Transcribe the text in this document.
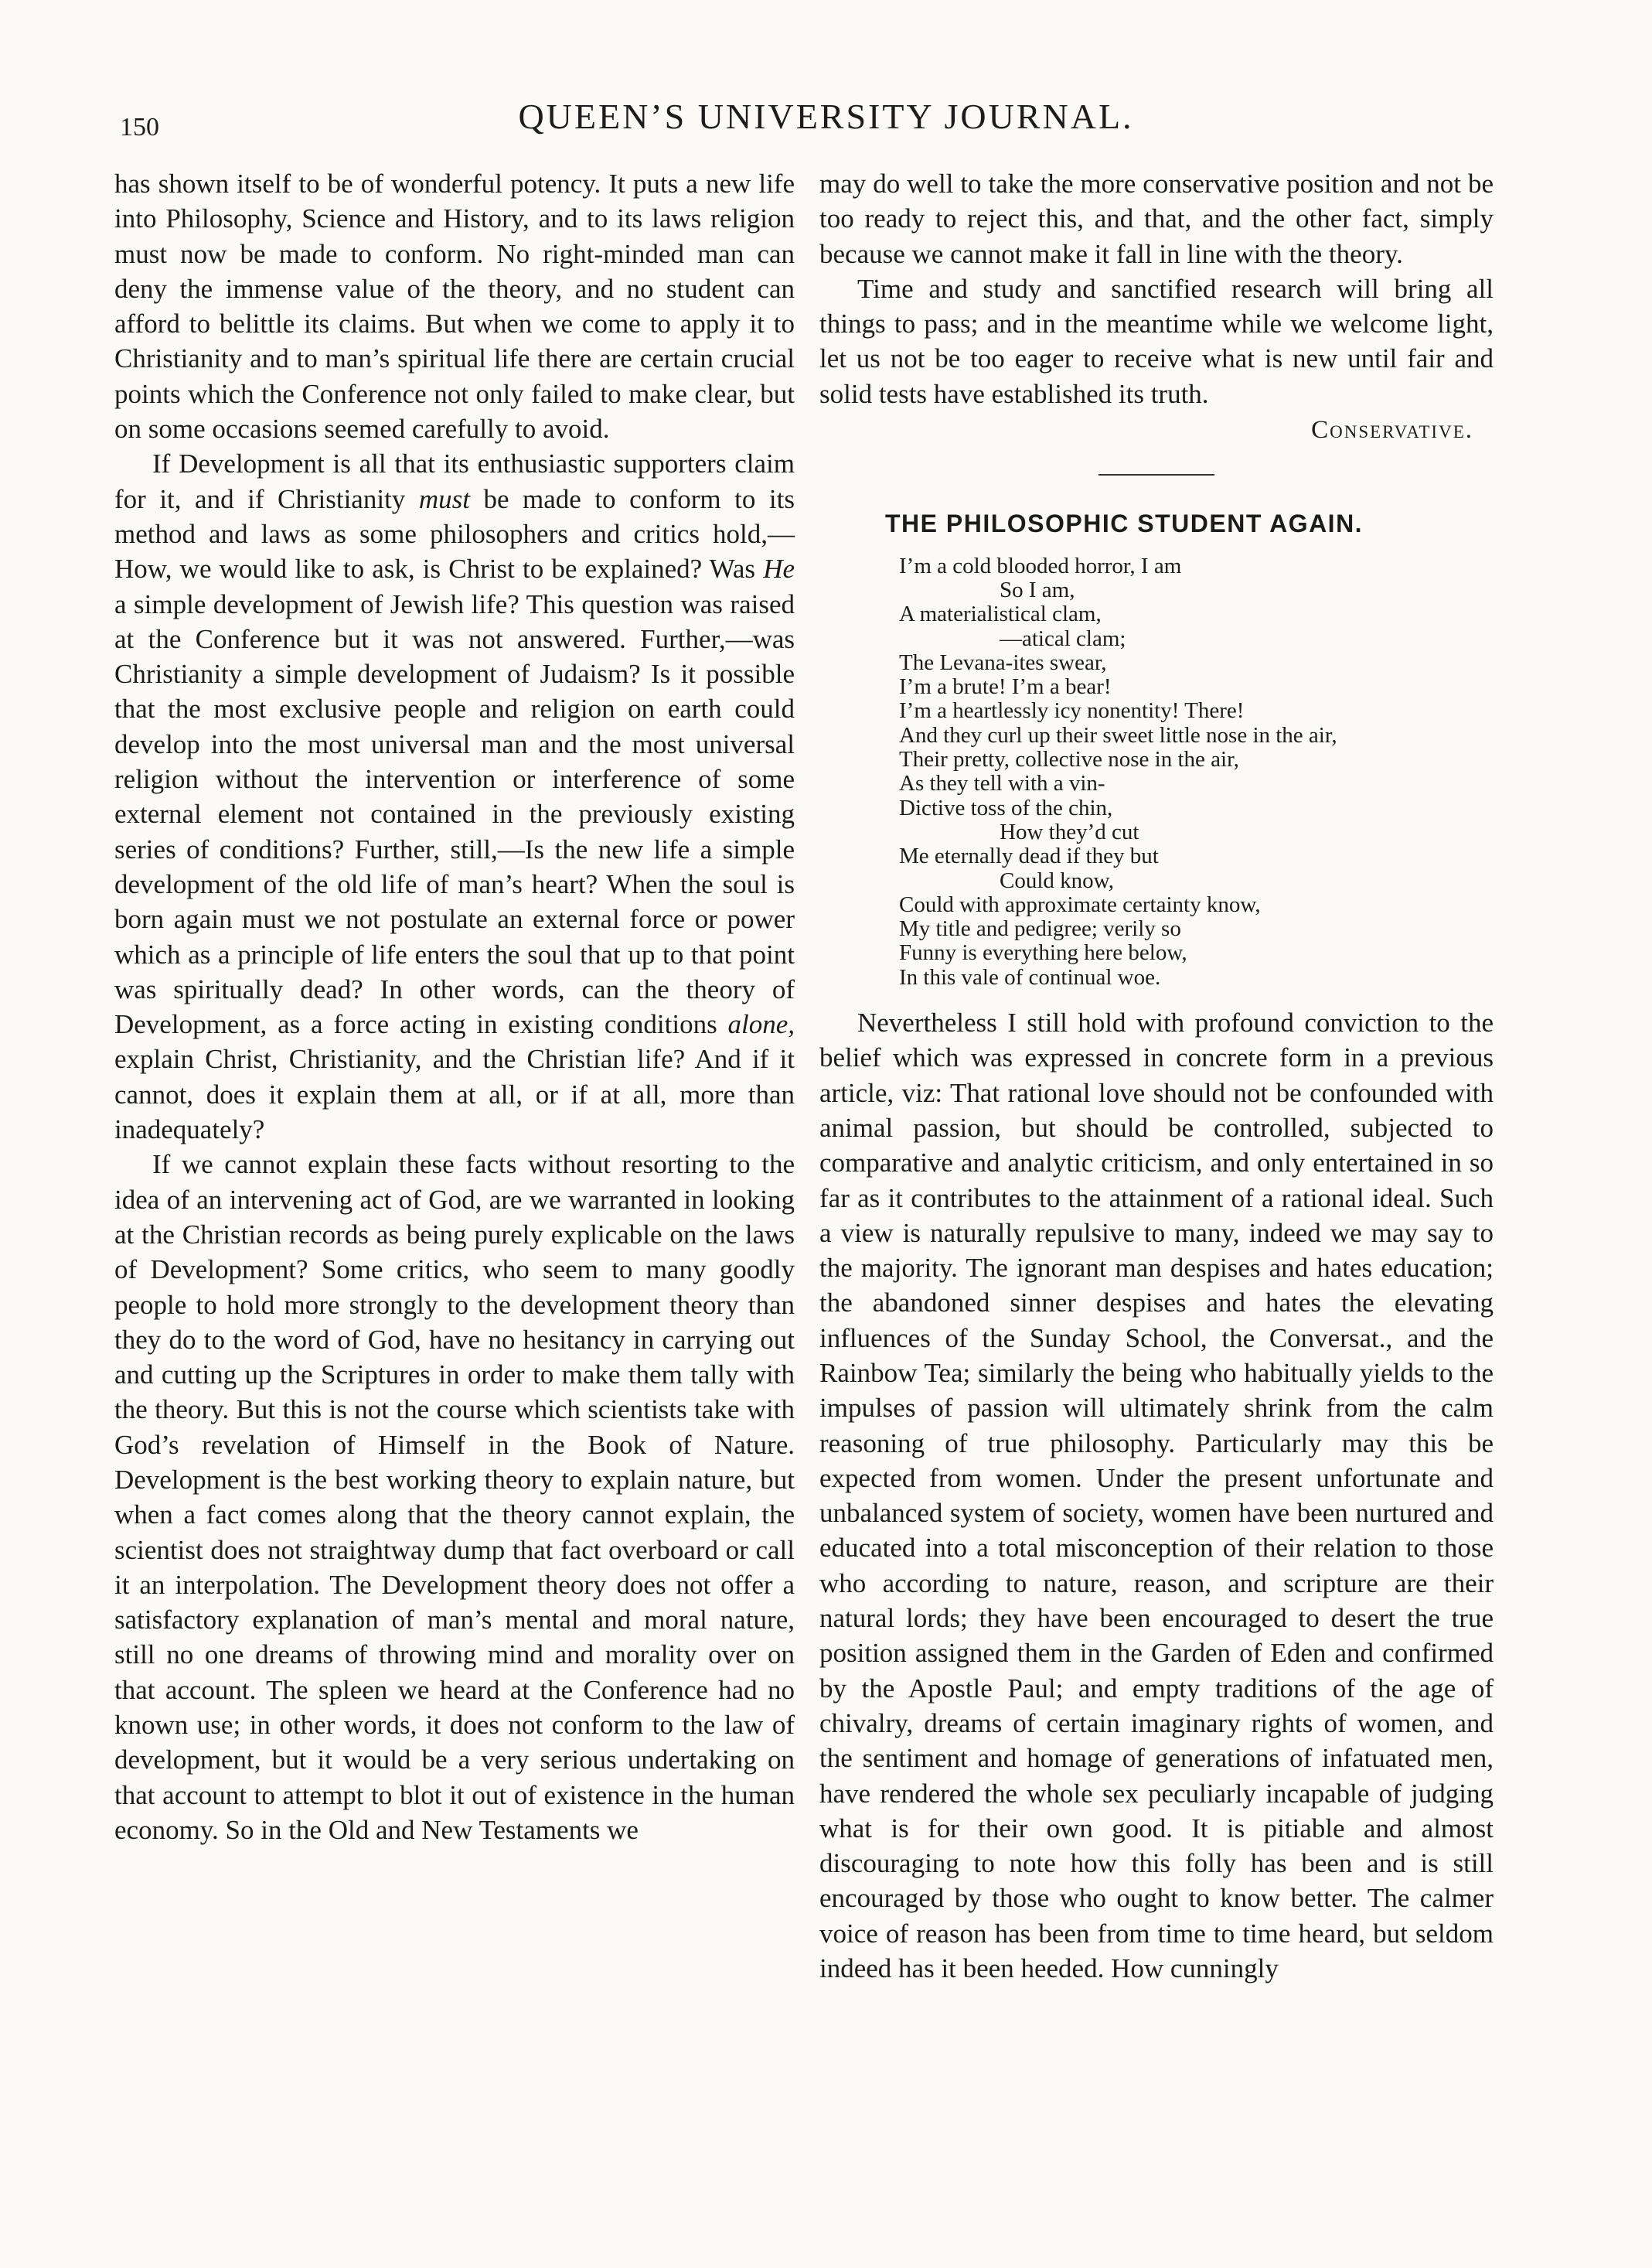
150	QUEEN’S UNIVERSITY JOURNAL.

has shown itself to be of wonderful potency. It puts a new life into Philosophy, Science and History, and to its laws religion must now be made to conform. No right-minded man can deny the immense value of the theory, and no student can afford to belittle its claims. But when we come to apply it to Christianity and to man’s spiritual life there are certain crucial points which the Conference not only failed to make clear, but on some occasions seemed carefully to avoid.

If Development is all that its enthusiastic supporters claim for it, and if Christianity must be made to conform to its method and laws as some philosophers and critics hold,—How, we would like to ask, is Christ to be explained? Was He a simple development of Jewish life? This question was raised at the Conference but it was not answered. Further,—was Christianity a simple development of Judaism? Is it possible that the most exclusive people and religion on earth could develop into the most universal man and the most universal religion without the intervention or interference of some external element not contained in the previously existing series of conditions? Further, still,—Is the new life a simple development of the old life of man’s heart? When the soul is born again must we not postulate an external force or power which as a principle of life enters the soul that up to that point was spiritually dead? In other words, can the theory of Development, as a force acting in existing conditions alone, explain Christ, Christianity, and the Christian life? And if it cannot, does it explain them at all, or if at all, more than inadequately?

If we cannot explain these facts without resorting to the idea of an intervening act of God, are we warranted in looking at the Christian records as being purely explicable on the laws of Development? Some critics, who seem to many goodly people to hold more strongly to the development theory than they do to the word of God, have no hesitancy in carrying out and cutting up the Scriptures in order to make them tally with the theory. But this is not the course which scientists take with God’s revelation of Himself in the Book of Nature. Development is the best working theory to explain nature, but when a fact comes along that the theory cannot explain, the scientist does not straightway dump that fact overboard or call it an interpolation. The Development theory does not offer a satisfactory explanation of man’s mental and moral nature, still no one dreams of throwing mind and morality over on that account. The spleen we heard at the Conference had no known use; in other words, it does not conform to the law of development, but it would be a very serious undertaking on that account to attempt to blot it out of existence in the human economy. So in the Old and New Testaments we

may do well to take the more conservative position and not be too ready to reject this, and that, and the other fact, simply because we cannot make it fall in line with the theory.

Time and study and sanctified research will bring all things to pass; and in the meantime while we welcome light, let us not be too eager to receive what is new until fair and solid tests have established its truth.

Conservative.

THE PHILOSOPHIC STUDENT AGAIN.
I’m a cold blooded horror, I am
So I am,
A materialistical clam,
—atical clam;
The Levana-ites swear,
I’m a brute! I’m a bear!
I’m a heartlessly icy nonentity! There!
And they curl up their sweet little nose in the air,
Their pretty, collective nose in the air,
As they tell with a vin-
Dictive toss of the chin,
How they’d cut
Me eternally dead if they but
Could know,
Could with approximate certainty know,
My title and pedigree; verily so
Funny is everything here below,
In this vale of continual woe.

Nevertheless I still hold with profound conviction to the belief which was expressed in concrete form in a previous article, viz: That rational love should not be confounded with animal passion, but should be controlled, subjected to comparative and analytic criticism, and only entertained in so far as it contributes to the attainment of a rational ideal. Such a view is naturally repulsive to many, indeed we may say to the majority. The ignorant man despises and hates education; the abandoned sinner despises and hates the elevating influences of the Sunday School, the Conversat., and the Rainbow Tea; similarly the being who habitually yields to the impulses of passion will ultimately shrink from the calm reasoning of true philosophy. Particularly may this be expected from women. Under the present unfortunate and unbalanced system of society, women have been nurtured and educated into a total misconception of their relation to those who according to nature, reason, and scripture are their natural lords; they have been encouraged to desert the true position assigned them in the Garden of Eden and confirmed by the Apostle Paul; and empty traditions of the age of chivalry, dreams of certain imaginary rights of women, and the sentiment and homage of generations of infatuated men, have rendered the whole sex peculiarly incapable of judging what is for their own good. It is pitiable and almost discouraging to note how this folly has been and is still encouraged by those who ought to know better. The calmer voice of reason has been from time to time heard, but seldom indeed has it been heeded. How cunningly
